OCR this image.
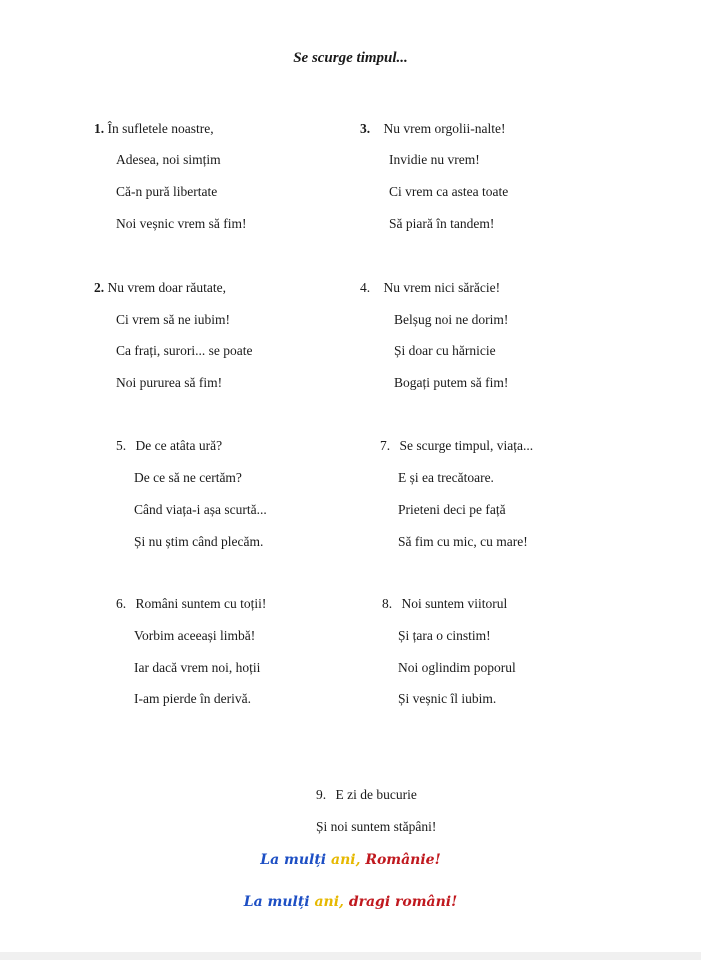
Se scurge timpul...
1. În sufletele noastre,
Adesea, noi simțim
Că-n pură libertate
Noi veșnic vrem să fim!
3. Nu vrem orgolii-nalte!
Invidie nu vrem!
Ci vrem ca astea toate
Să piară în tandem!
2. Nu vrem doar răutate,
Ci vrem să ne iubim!
Ca frați, surori... se poate
Noi pururea să fim!
4. Nu vrem nici sărăcie!
Belșug noi ne dorim!
Și doar cu hărnicie
Bogați putem să fim!
5. De ce atâta ură?
De ce să ne certăm?
Când viața-i așa scurtă...
Și nu știm când plecăm.
7. Se scurge timpul, viața...
E și ea trecătoare.
Prieteni deci pe față
Să fim cu mic, cu mare!
6. Români suntem cu toții!
Vorbim aceeași limbă!
Iar dacă vrem noi, hoții
I-am pierde în derivă.
8. Noi suntem viitorul
Și țara o cinstim!
Noi oglindim poporul
Și veșnic îl iubim.
9. E zi de bucurie
Și noi suntem stăpâni!
La mulți ani, Românie!
La mulți ani, dragi români!
